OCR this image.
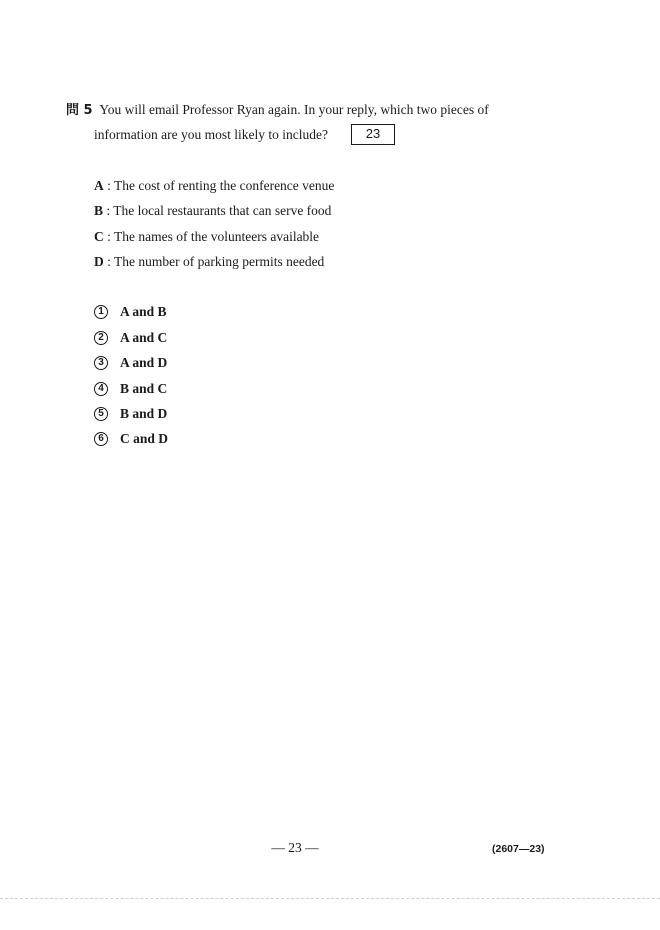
問 5 You will email Professor Ryan again. In your reply, which two pieces of
information are you most likely to include?	23
A : The cost of renting the conference venue
B : The local restaurants that can serve food
C : The names of the volunteers available
D : The number of parking permits needed
1	A and B
2	A and C
3	A and D
4	B and C
5	B and D
6	C and D
— 23 —	(2607—23)
